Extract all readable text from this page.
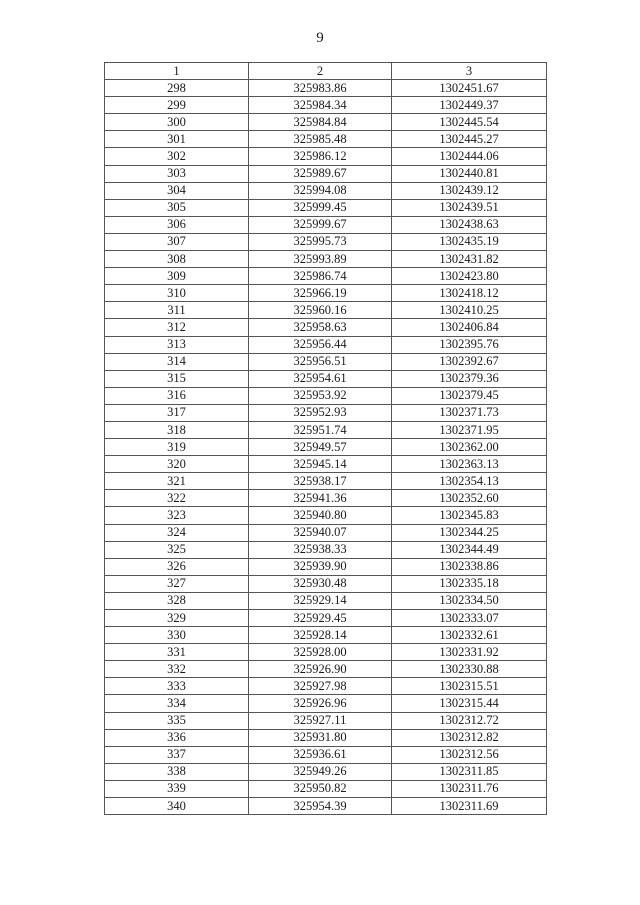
9
1	2	3
298	325983.86	1302451.67
299	325984.34	1302449.37
300	325984.84	1302445.54
301	325985.48	1302445.27
302	325986.12	1302444.06
303	325989.67	1302440.81
304	325994.08	1302439.12
305	325999.45	1302439.51
306	325999.67	1302438.63
307	325995.73	1302435.19
308	325993.89	1302431.82
309	325986.74	1302423.80
310	325966.19	1302418.12
311	325960.16	1302410.25
312	325958.63	1302406.84
313	325956.44	1302395.76
314	325956.51	1302392.67
315	325954.61	1302379.36
316	325953.92	1302379.45
317	325952.93	1302371.73
318	325951.74	1302371.95
319	325949.57	1302362.00
320	325945.14	1302363.13
321	325938.17	1302354.13
322	325941.36	1302352.60
323	325940.80	1302345.83
324	325940.07	1302344.25
325	325938.33	1302344.49
326	325939.90	1302338.86
327	325930.48	1302335.18
328	325929.14	1302334.50
329	325929.45	1302333.07
330	325928.14	1302332.61
331	325928.00	1302331.92
332	325926.90	1302330.88
333	325927.98	1302315.51
334	325926.96	1302315.44
335	325927.11	1302312.72
336	325931.80	1302312.82
337	325936.61	1302312.56
338	325949.26	1302311.85
339	325950.82	1302311.76
340	325954.39	1302311.69
